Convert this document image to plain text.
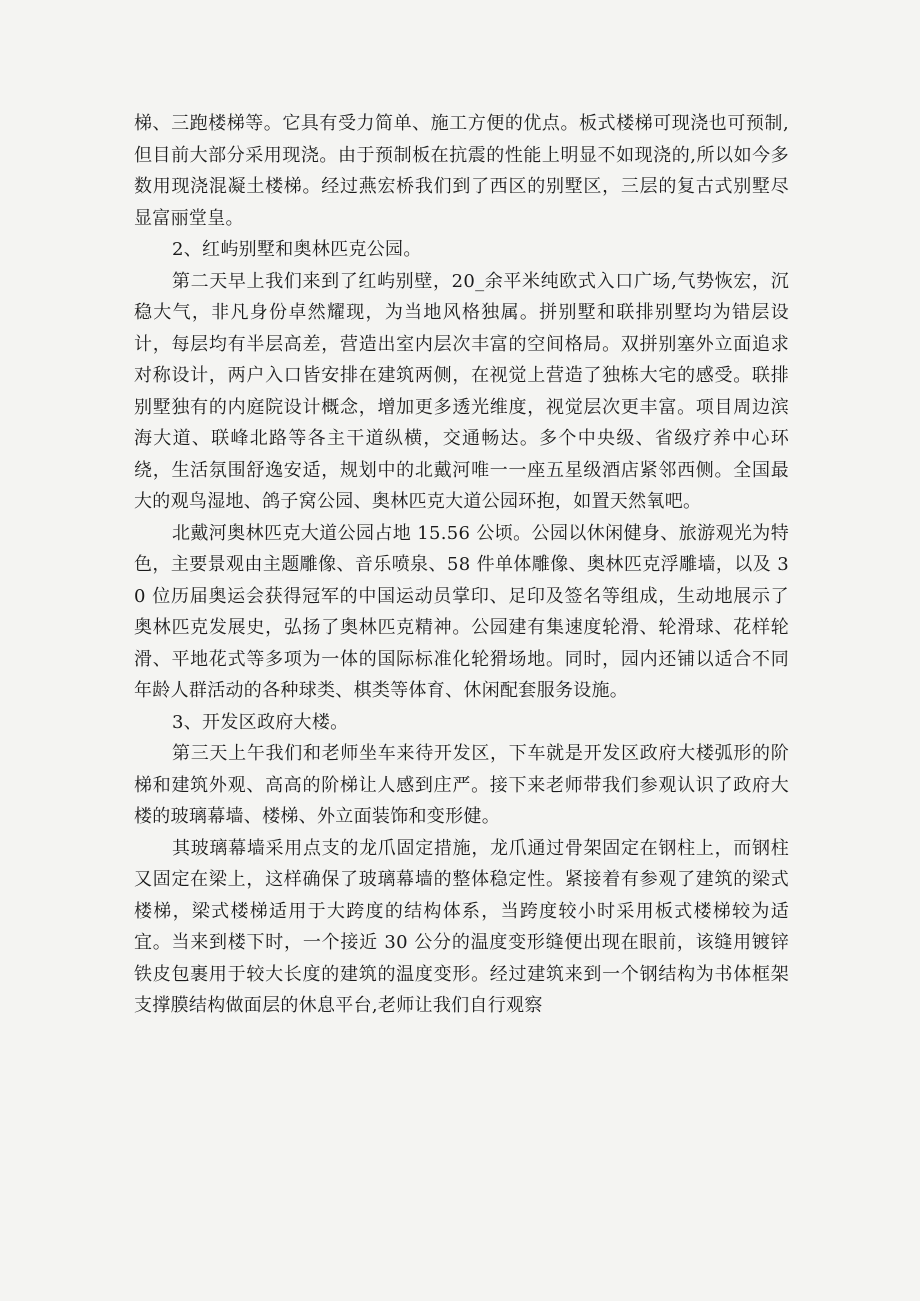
梯、三跑楼梯等。它具有受力简单、施工方便的优点。板式楼梯可现浇也可预制,但目前大部分采用现浇。由于预制板在抗震的性能上明显不如现浇的,所以如今多数用现浇混凝土楼梯。经过燕宏桥我们到了西区的别墅区，三层的复古式别墅尽显富丽堂皇。

2、红屿别墅和奥林匹克公园。

第二天早上我们来到了红屿别壁，20_余平米纯欧式入口广场,气势恢宏，沉稳大气，非凡身份卓然耀现，为当地风格独属。拼别墅和联排别墅均为错层设计，每层均有半层高差，营造出室内层次丰富的空间格局。双拼别塞外立面追求对称设计，两户入口皆安排在建筑两侧，在视觉上营造了独栋大宅的感受。联排别墅独有的内庭院设计概念，增加更多透光维度，视觉层次更丰富。项目周边滨海大道、联峰北路等各主干道纵横，交通畅达。多个中央级、省级疗养中心环绕，生活氛围舒逸安适，规划中的北戴河唯一一座五星级酒店紧邻西侧。全国最大的观鸟湿地、鸽子窝公园、奥林匹克大道公园环抱，如置天然氧吧。

北戴河奥林匹克大道公园占地 15.56 公顷。公园以休闲健身、旅游观光为特色，主要景观由主题雕像、音乐喷泉、58 件单体雕像、奥林匹克浮雕墙，以及 30 位历届奥运会获得冠军的中国运动员掌印、足印及签名等组成，生动地展示了奥林匹克发展史，弘扬了奥林匹克精神。公园建有集速度轮滑、轮滑球、花样轮滑、平地花式等多项为一体的国际标准化轮猾场地。同时，园内还铺以适合不同年龄人群活动的各种球类、棋类等体育、休闲配套服务设施。

3、开发区政府大楼。

第三天上午我们和老师坐车来待开发区，下车就是开发区政府大楼弧形的阶梯和建筑外观、高高的阶梯让人感到庄严。接下来老师带我们参观认识了政府大楼的玻璃幕墙、楼梯、外立面装饰和变形健。

其玻璃幕墙采用点支的龙爪固定措施，龙爪通过骨架固定在钢柱上，而钢柱又固定在梁上，这样确保了玻璃幕墙的整体稳定性。紧接着有参观了建筑的梁式楼梯，梁式楼梯适用于大跨度的结构体系，当跨度较小时采用板式楼梯较为适宜。当来到楼下时，一个接近 30 公分的温度变形缝便出现在眼前，该缝用镀锌铁皮包裹用于较大长度的建筑的温度变形。经过建筑来到一个钢结构为书体框架支撑膜结构做面层的休息平台,老师让我们自行观察
